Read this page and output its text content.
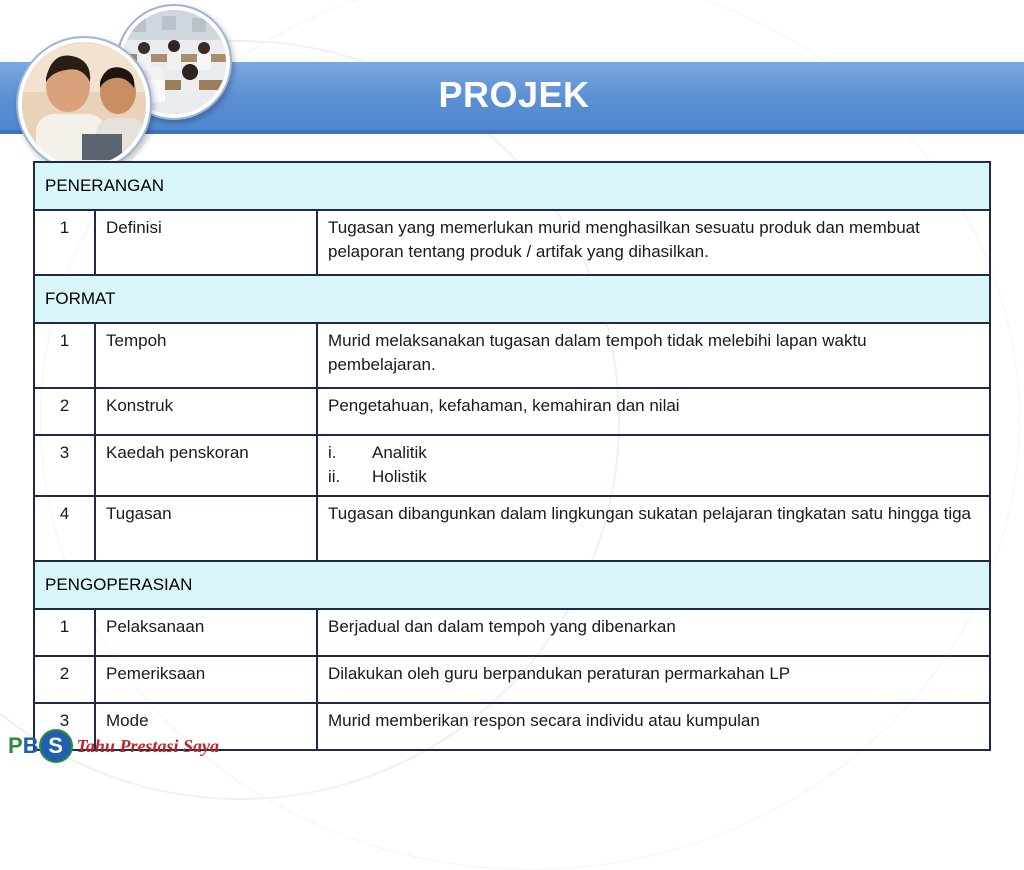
PROJEK
PENERANGAN		
1	Definisi	Tugasan yang memerlukan murid menghasilkan sesuatu produk dan membuat pelaporan tentang produk / artifak yang dihasilkan.
FORMAT		
1	Tempoh	Murid melaksanakan tugasan dalam tempoh tidak melebihi lapan waktu pembelajaran.
2	Konstruk	Pengetahuan, kefahaman, kemahiran dan nilai
3	Kaedah penskoran	i. Analitik
ii. Holistik

4	Tugasan	Tugasan dibangunkan dalam lingkungan sukatan pelajaran tingkatan satu hingga tiga
PENGOPERASIAN		
1	Pelaksanaan	Berjadual dan dalam tempoh yang dibenarkan
2	Pemeriksaan	Dilakukan oleh guru berpandukan peraturan permarkahan LP
3	Mode	Murid memberikan respon secara individu atau kumpulan
P B S Tahu Prestasi Saya
